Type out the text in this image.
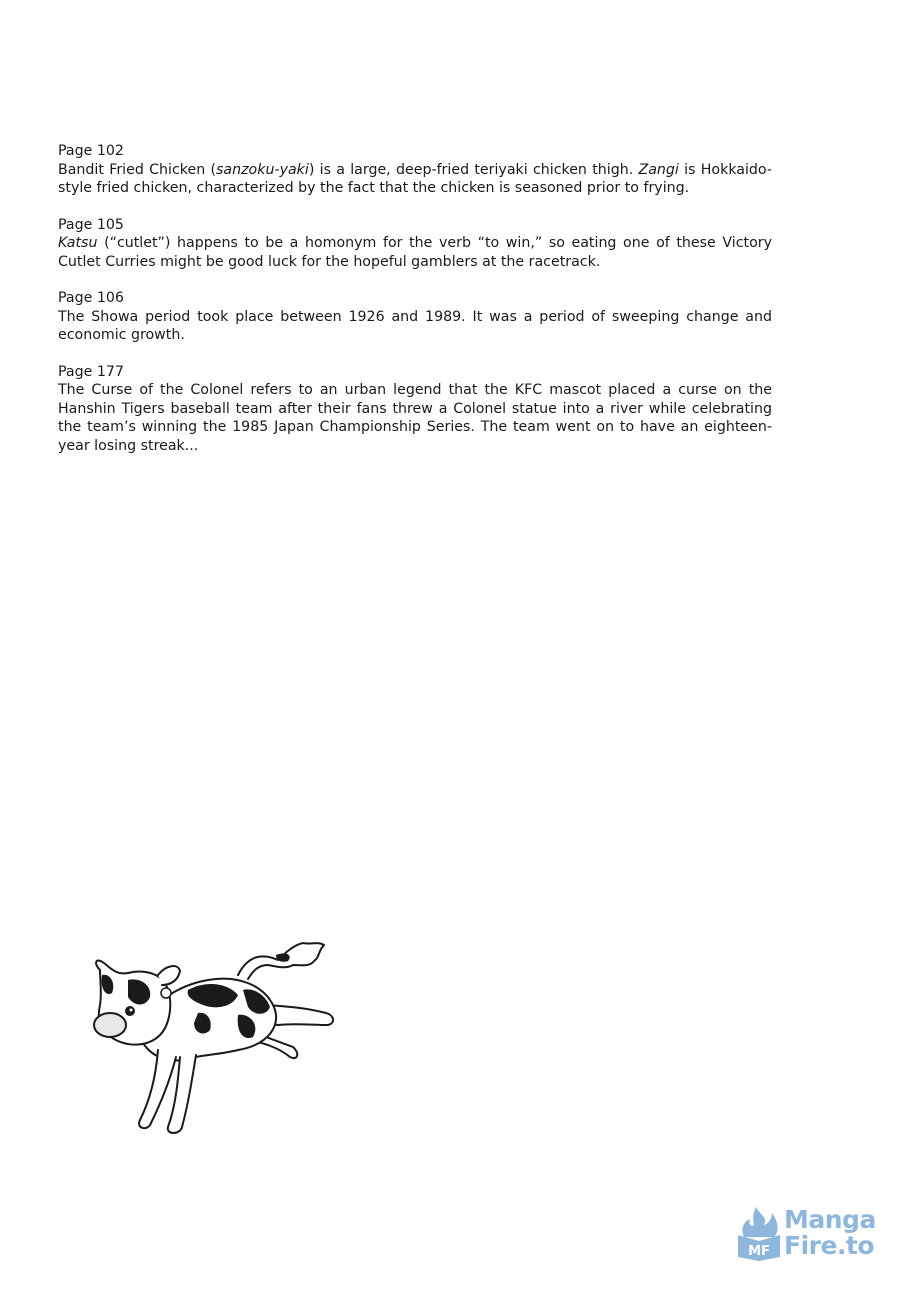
Page 102
Bandit Fried Chicken (sanzoku-yaki) is a large, deep-fried teriyaki chicken thigh. Zangi is Hokkaido-style fried chicken, characterized by the fact that the chicken is seasoned prior to frying.
Page 105
Katsu (“cutlet”) happens to be a homonym for the verb “to win,” so eating one of these Victory Cutlet Curries might be good luck for the hopeful gamblers at the racetrack.
Page 106
The Showa period took place between 1926 and 1989. It was a period of sweeping change and economic growth.
Page 177
The Curse of the Colonel refers to an urban legend that the KFC mascot placed a curse on the Hanshin Tigers baseball team after their fans threw a Colonel statue into a river while celebrating the team’s winning the 1985 Japan Championship Series. The team went on to have an eighteen-year losing streak...
MF
Manga
Fire.to
